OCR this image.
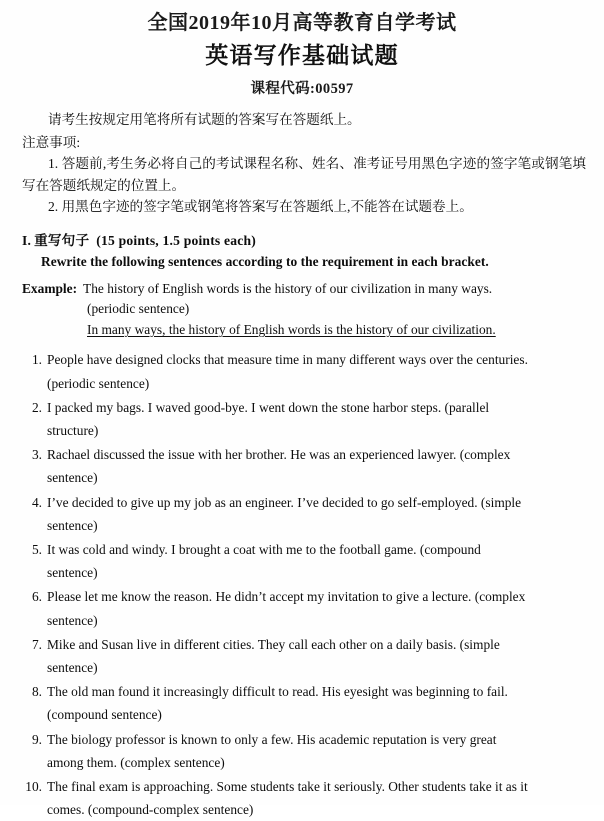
全国2019年10月高等教育自学考试
英语写作基础试题
课程代码:00597
请考生按规定用笔将所有试题的答案写在答题纸上。
注意事项:
1. 答题前,考生务必将自己的考试课程名称、姓名、准考证号用黑色字迹的签字笔或钢笔填写在答题纸规定的位置上。
2. 用黑色字迹的签字笔或钢笔将答案写在答题纸上,不能答在试题卷上。
I. 重写句子 (15 points, 1.5 points each)
Rewrite the following sentences according to the requirement in each bracket.
Example: The history of English words is the history of our civilization in many ways.
(periodic sentence)
In many ways, the history of English words is the history of our civilization.
1. People have designed clocks that measure time in many different ways over the centuries.
(periodic sentence)
2. I packed my bags. I waved good-bye. I went down the stone harbor steps. (parallel
structure)
3. Rachael discussed the issue with her brother. He was an experienced lawyer. (complex
sentence)
4. I’ve decided to give up my job as an engineer. I’ve decided to go self-employed. (simple
sentence)
5. It was cold and windy. I brought a coat with me to the football game. (compound
sentence)
6. Please let me know the reason. He didn’t accept my invitation to give a lecture. (complex
sentence)
7. Mike and Susan live in different cities. They call each other on a daily basis. (simple
sentence)
8. The old man found it increasingly difficult to read. His eyesight was beginning to fail.
(compound sentence)
9. The biology professor is known to only a few. His academic reputation is very great
among them. (complex sentence)
10. The final exam is approaching. Some students take it seriously. Other students take it as it
comes. (compound-complex sentence)
